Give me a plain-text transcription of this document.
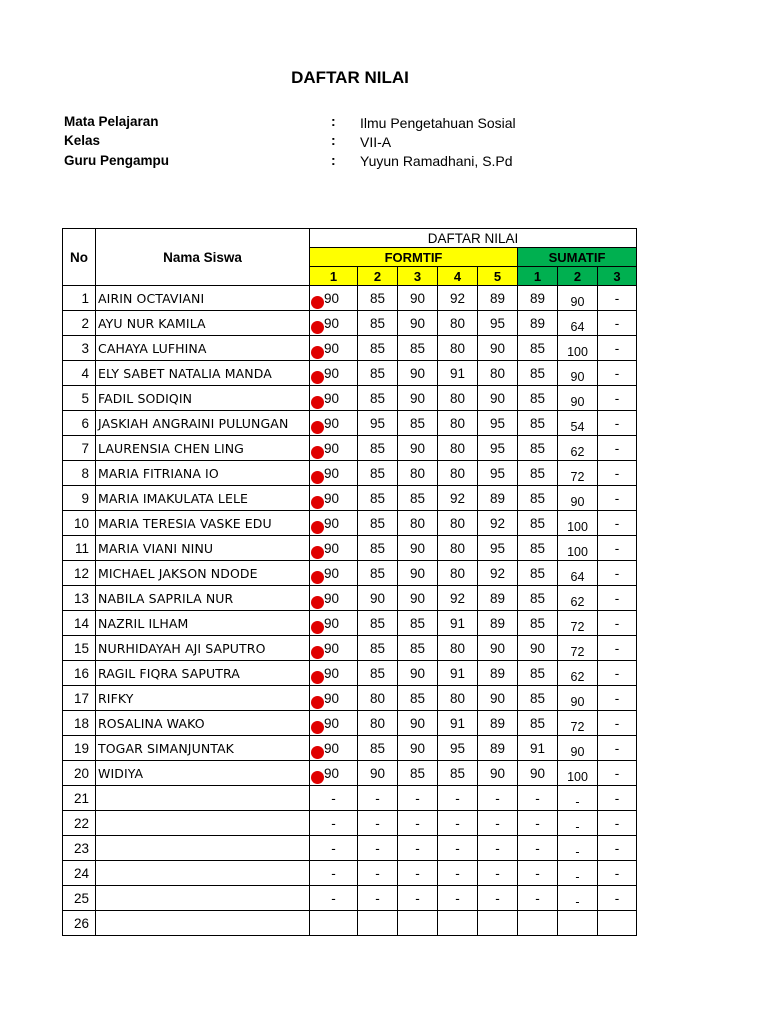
DAFTAR NILAI
Mata Pelajaran	: Ilmu Pengetahuan Sosial
Kelas	: VII-A
Guru Pengampu	: Yuyun Ramadhani, S.Pd
No	Nama Siswa	DAFTAR NILAI							
		FORMTIF					SUMATIF		
		1	2	3	4	5	1	2	3
1	AIRIN OCTAVIANI	90	85	90	92	89	89	90	-
2	AYU NUR KAMILA	90	85	90	80	95	89	64	-
3	CAHAYA LUFHINA	90	85	85	80	90	85	100	-
4	ELY SABET NATALIA MANDA	90	85	90	91	80	85	90	-
5	FADIL SODIQIN	90	85	90	80	90	85	90	-
6	JASKIAH ANGRAINI PULUNGAN	90	95	85	80	95	85	54	-
7	LAURENSIA CHEN LING	90	85	90	80	95	85	62	-
8	MARIA FITRIANA IO	90	85	80	80	95	85	72	-
9	MARIA IMAKULATA LELE	90	85	85	92	89	85	90	-
10	MARIA TERESIA VASKE EDU	90	85	80	80	92	85	100	-
11	MARIA VIANI NINU	90	85	90	80	95	85	100	-
12	MICHAEL JAKSON NDODE	90	85	90	80	92	85	64	-
13	NABILA SAPRILA NUR	90	90	90	92	89	85	62	-
14	NAZRIL ILHAM	90	85	85	91	89	85	72	-
15	NURHIDAYAH AJI SAPUTRO	90	85	85	80	90	90	72	-
16	RAGIL FIQRA SAPUTRA	90	85	90	91	89	85	62	-
17	RIFKY	90	80	85	80	90	85	90	-
18	ROSALINA WAKO	90	80	90	91	89	85	72	-
19	TOGAR SIMANJUNTAK	90	85	90	95	89	91	90	-
20	WIDIYA	90	90	85	85	90	90	100	-
21		-	-	-	-	-	-	-	-
22		-	-	-	-	-	-	-	-
23		-	-	-	-	-	-	-	-
24		-	-	-	-	-	-	-	-
25		-	-	-	-	-	-	-	-
26									
